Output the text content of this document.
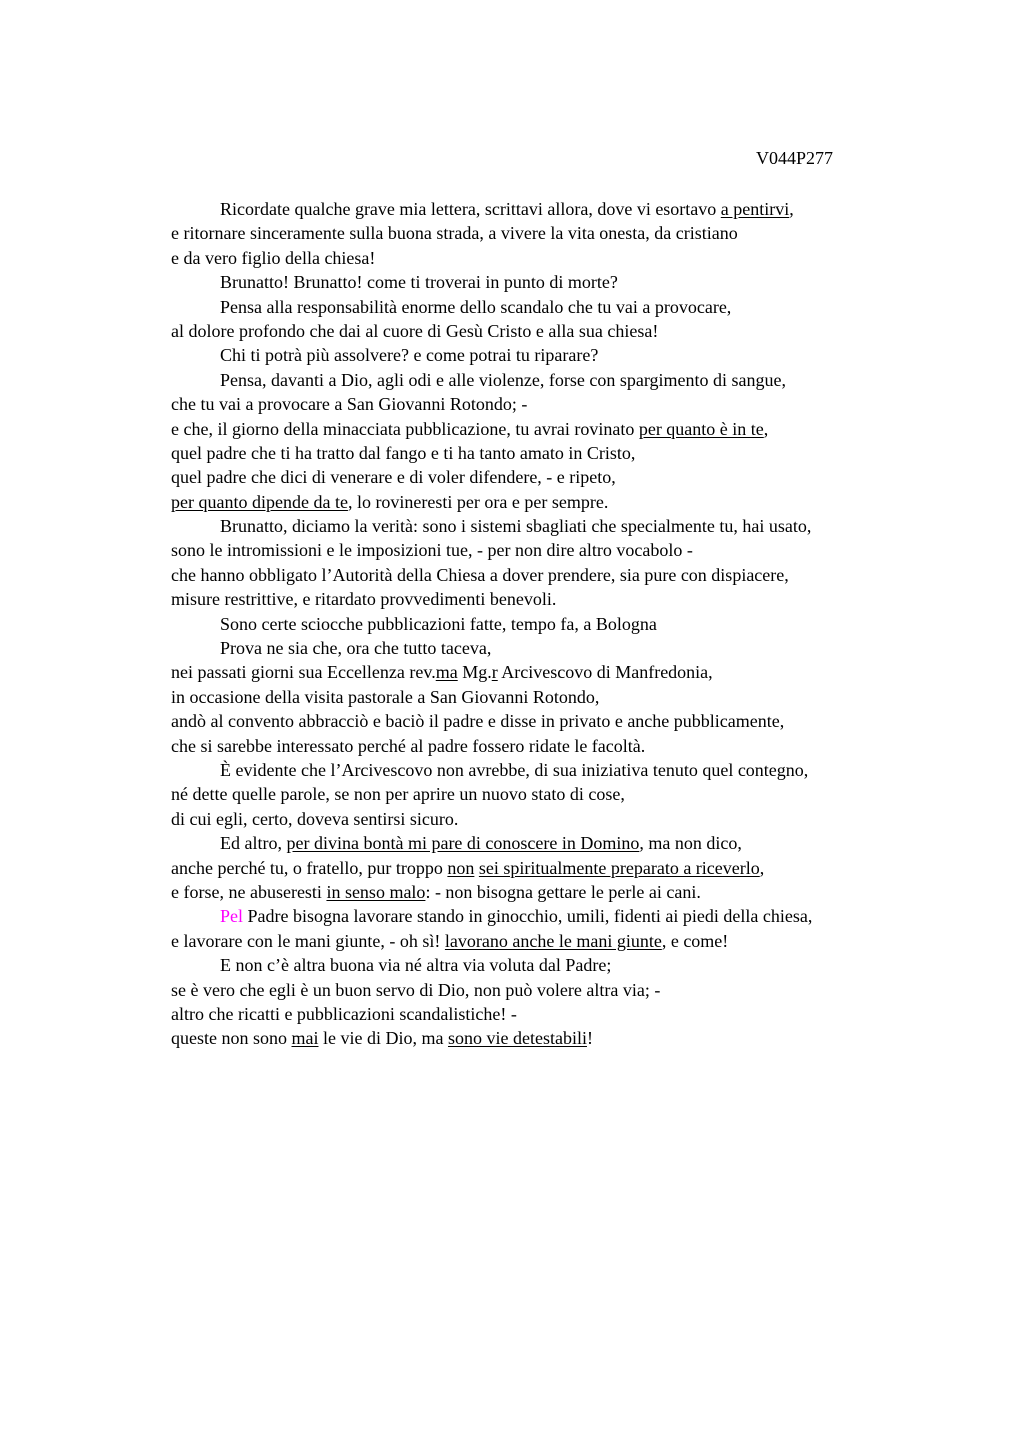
V044P277
Ricordate qualche grave mia lettera, scrittavi allora, dove vi esortavo a pentirvi,
e ritornare sinceramente sulla buona strada, a vivere la vita onesta, da cristiano
e da vero figlio della chiesa!
Brunatto! Brunatto! come ti troverai in punto di morte?
Pensa alla responsabilità enorme dello scandalo che tu vai a provocare,
al dolore profondo che dai al cuore di Gesù Cristo e alla sua chiesa!
Chi ti potrà più assolvere? e come potrai tu riparare?
Pensa, davanti a Dio, agli odi e alle violenze, forse con spargimento di sangue,
che tu vai a provocare a San Giovanni Rotondo; -
e che, il giorno della minacciata pubblicazione, tu avrai rovinato per quanto è in te,
quel padre che ti ha tratto dal fango e ti ha tanto amato in Cristo,
quel padre che dici di venerare e di voler difendere, - e ripeto,
per quanto dipende da te, lo rovineresti per ora e per sempre.
Brunatto, diciamo la verità: sono i sistemi sbagliati che specialmente tu, hai usato,
sono le intromissioni e le imposizioni tue, - per non dire altro vocabolo -
che hanno obbligato l’Autorità della Chiesa a dover prendere, sia pure con dispiacere,
misure restrittive, e ritardato provvedimenti benevoli.
Sono certe sciocche pubblicazioni fatte, tempo fa, a Bologna
Prova ne sia che, ora che tutto taceva,
nei passati giorni sua Eccellenza rev.ma Mg.r Arcivescovo di Manfredonia,
in occasione della visita pastorale a San Giovanni Rotondo,
andò al convento abbracciò e baciò il padre e disse in privato e anche pubblicamente,
che si sarebbe interessato perché al padre fossero ridate le facoltà.
È evidente che l’Arcivescovo non avrebbe, di sua iniziativa tenuto quel contegno,
né dette quelle parole, se non per aprire un nuovo stato di cose,
di cui egli, certo, doveva sentirsi sicuro.
Ed altro, per divina bontà mi pare di conoscere in Domino, ma non dico,
anche perché tu, o fratello, pur troppo non sei spiritualmente preparato a riceverlo,
e forse, ne abuseresti in senso malo: - non bisogna gettare le perle ai cani.
Pel Padre bisogna lavorare stando in ginocchio, umili, fidenti ai piedi della chiesa,
e lavorare con le mani giunte, - oh sì! lavorano anche le mani giunte, e come!
E non c’è altra buona via né altra via voluta dal Padre;
se è vero che egli è un buon servo di Dio, non può volere altra via; -
altro che ricatti e pubblicazioni scandalistiche! -
queste non sono mai le vie di Dio, ma sono vie detestabili!
